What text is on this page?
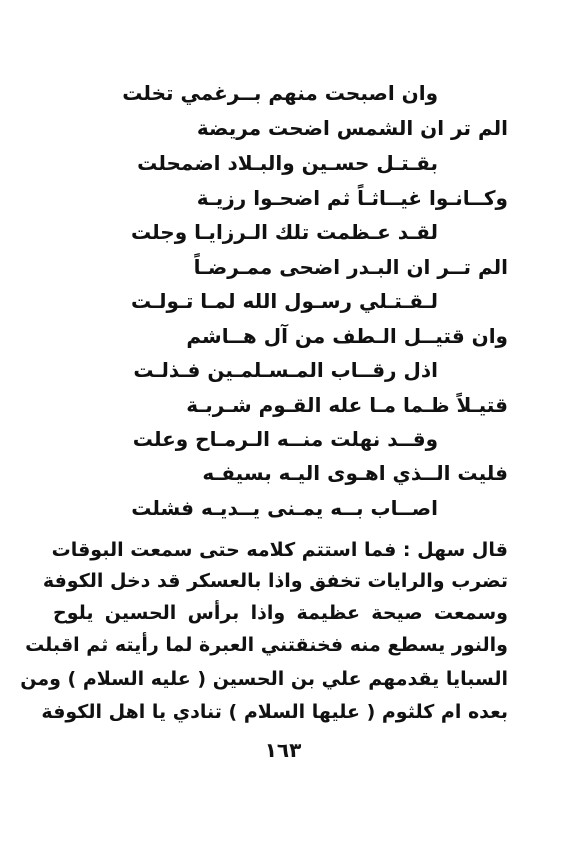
وان اصبحت منهم بــرغمي تخلت
الم تر ان الشمس اضحت مريضة
بقـتـل حسـين والبـلاد اضمحلت
وكــانـوا غيــاثـاً ثم اضحـوا رزيـة
لقـد عـظمت تلك الـرزايـا وجلت
الم تــر ان البـدر اضحى ممـرضـاً
لـقـتـلي رسـول الله لمـا تـولـت
وان قتيــل الـطف من آل هــاشم
اذل رقــاب المـسـلمـين فـذلـت
قتيـلاً ظـما مـا عله القـوم شـربـة
وقــد نهلت منــه الـرمـاح وعلت
فليت الــذي اهـوى اليـه بسيفـه
اصــاب بــه يمـنى يــديـه فشلت
قال سهل : فما استتم كلامه حتى سمعت البوقات
تضرب والرايات تخفق واذا بالعسكر قد دخل الكوفة
وسمعت صيحة عظيمة واذا برأس الحسين يلوح
والنور يسطع منه فخنقتني العبرة لما رأيته ثم اقبلت
السبايا يقدمهم علي بن الحسين ( عليه السلام ) ومن
بعده ام كلثوم ( عليها السلام ) تنادي يا اهل الكوفة
١٦٣
